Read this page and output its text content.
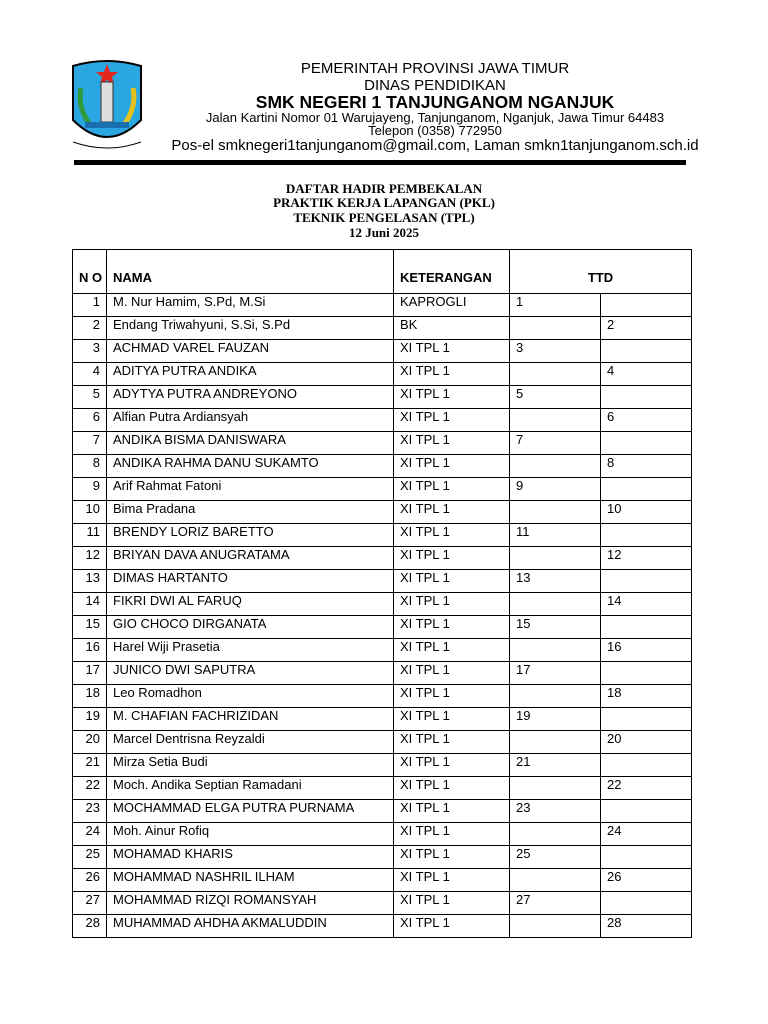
PEMERINTAH PROVINSI JAWA TIMUR
DINAS PENDIDIKAN
SMK NEGERI 1 TANJUNGANOM NGANJUK
Jalan Kartini Nomor 01 Warujayeng, Tanjunganom, Nganjuk, Jawa Timur 64483
Telepon (0358) 772950
Pos-el smknegeri1tanjunganom@gmail.com, Laman smkn1tanjunganom.sch.id
DAFTAR HADIR PEMBEKALAN
PRAKTIK KERJA LAPANGAN (PKL)
TEKNIK PENGELASAN (TPL)
12 Juni 2025
N O	NAMA	KETERANGAN	TTD	
1	M. Nur Hamim, S.Pd, M.Si	KAPROGLI	1	
2	Endang Triwahyuni, S.Si, S.Pd	BK		2
3	ACHMAD VAREL FAUZAN	XI TPL 1	3	
4	ADITYA PUTRA ANDIKA	XI TPL 1		4
5	ADYTYA PUTRA ANDREYONO	XI TPL 1	5	
6	Alfian Putra Ardiansyah	XI TPL 1		6
7	ANDIKA BISMA DANISWARA	XI TPL 1	7	
8	ANDIKA RAHMA DANU SUKAMTO	XI TPL 1		8
9	Arif Rahmat Fatoni	XI TPL 1	9	
10	Bima Pradana	XI TPL 1		10
11	BRENDY LORIZ BARETTO	XI TPL 1	11	
12	BRIYAN DAVA ANUGRATAMA	XI TPL 1		12
13	DIMAS HARTANTO	XI TPL 1	13	
14	FIKRI DWI AL FARUQ	XI TPL 1		14
15	GIO CHOCO DIRGANATA	XI TPL 1	15	
16	Harel Wiji Prasetia	XI TPL 1		16
17	JUNICO DWI SAPUTRA	XI TPL 1	17	
18	Leo Romadhon	XI TPL 1		18
19	M. CHAFIAN FACHRIZIDAN	XI TPL 1	19	
20	Marcel Dentrisna Reyzaldi	XI TPL 1		20
21	Mirza Setia Budi	XI TPL 1	21	
22	Moch. Andika Septian Ramadani	XI TPL 1		22
23	MOCHAMMAD ELGA PUTRA PURNAMA	XI TPL 1	23	
24	Moh. Ainur Rofiq	XI TPL 1		24
25	MOHAMAD KHARIS	XI TPL 1	25	
26	MOHAMMAD NASHRIL ILHAM	XI TPL 1		26
27	MOHAMMAD RIZQI ROMANSYAH	XI TPL 1	27	
28	MUHAMMAD AHDHA AKMALUDDIN	XI TPL 1		28
